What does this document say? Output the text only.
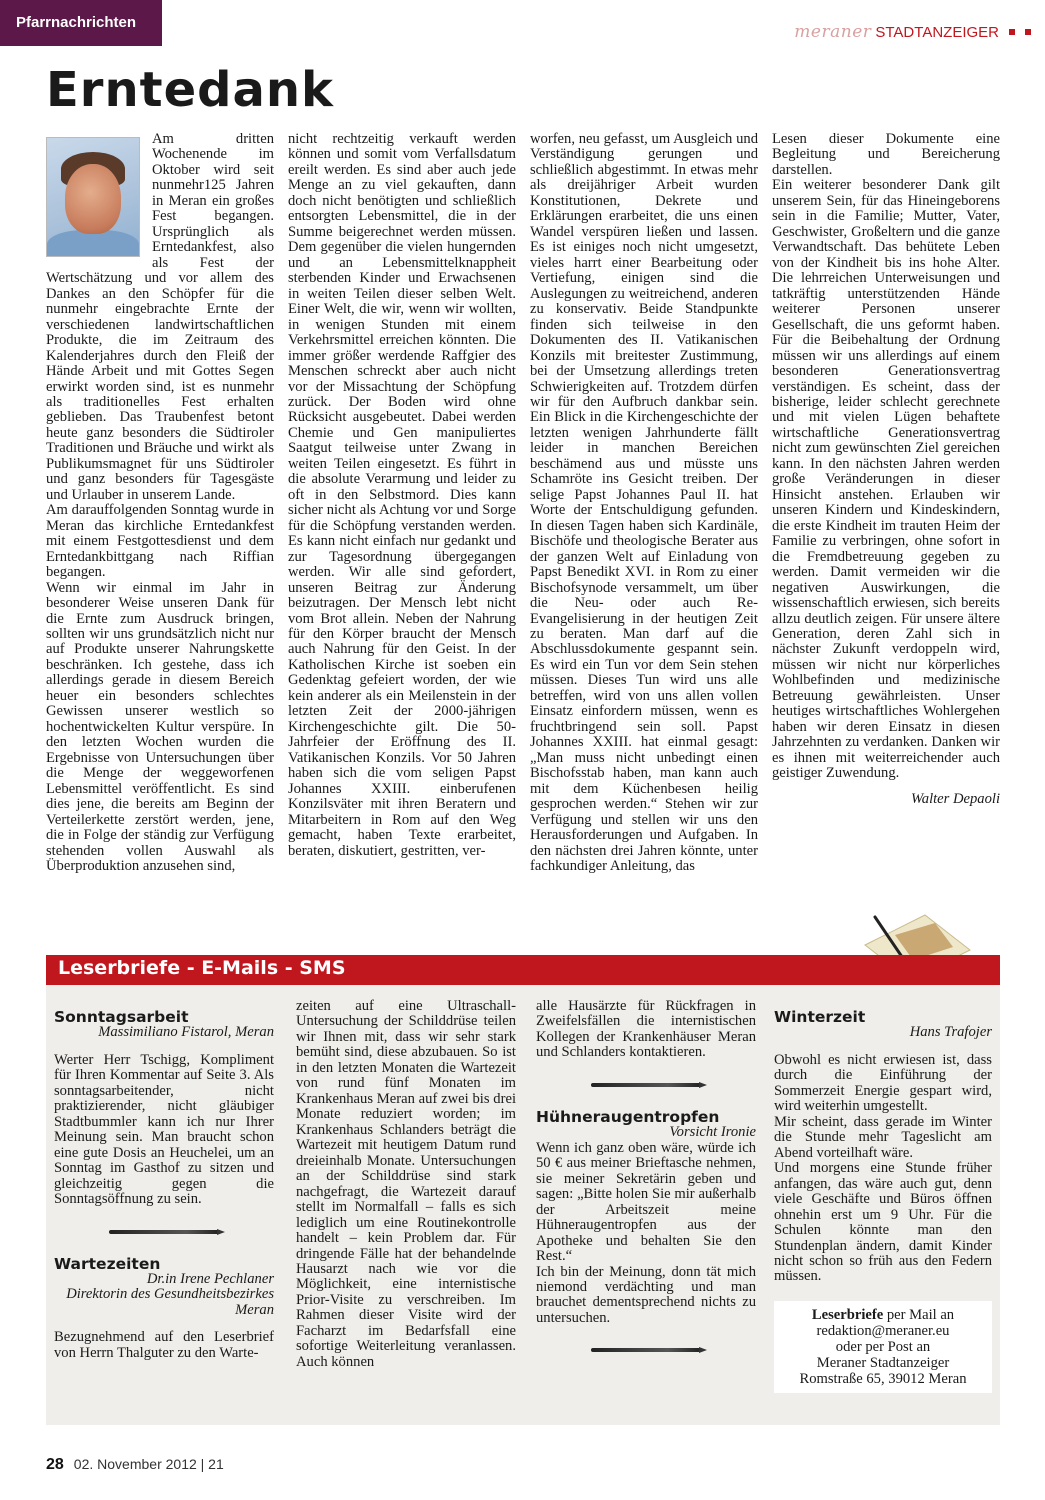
Pfarrnachrichten	meraner STADTANZEIGER
Erntedank

Am dritten Wochenende im Oktober wird seit nunmehr125 Jahren in Meran ein großes Fest begangen. Ursprünglich als Erntedankfest, also als Fest der Wertschätzung und vor allem des Dankes an den Schöpfer für die nunmehr eingebrachte Ernte der verschiedenen landwirtschaftlichen Produkte, die im Zeitraum des Kalenderjahres durch den Fleiß der Hände Arbeit und mit Gottes Segen erwirkt worden sind, ist es nunmehr als traditionelles Fest erhalten geblieben. Das Traubenfest betont heute ganz besonders die Südtiroler Traditionen und Bräuche und wirkt als Publikumsmagnet für uns Südtiroler und ganz besonders für Tagesgäste und Urlauber in unserem Lande.

Am darauffolgenden Sonntag wurde in Meran das kirchliche Erntedankfest mit einem Festgottesdienst und dem Erntedankbittgang nach Riffian begangen.

Wenn wir einmal im Jahr in besonderer Weise unseren Dank für die Ernte zum Ausdruck bringen, sollten wir uns grundsätzlich nicht nur auf Produkte unserer Nahrungskette beschränken. Ich gestehe, dass ich allerdings gerade in diesem Bereich heuer ein besonders schlechtes Gewissen unserer westlich so hochentwickelten Kultur verspüre. In den letzten Wochen wurden die Ergebnisse von Untersuchungen über die Menge der weggeworfenen Lebensmittel veröffentlicht. Es sind dies jene, die bereits am Beginn der Verteilerkette zerstört werden, jene, die in Folge der ständig zur Verfügung stehenden vollen Auswahl als Überproduktion anzusehen sind,

nicht rechtzeitig verkauft werden können und somit vom Verfallsdatum ereilt werden. Es sind aber auch jede Menge an zu viel gekauften, dann doch nicht benötigten und schließlich entsorgten Lebensmittel, die in der Summe beigerechnet werden müssen. Dem gegenüber die vielen hungernden und an Lebensmittelknappheit sterbenden Kinder und Erwachsenen in weiten Teilen dieser selben Welt. Einer Welt, die wir, wenn wir wollten, in wenigen Stunden mit einem Verkehrsmittel erreichen könnten. Die immer größer werdende Raffgier des Menschen schreckt aber auch nicht vor der Missachtung der Schöpfung zurück. Der Boden wird ohne Rücksicht ausgebeutet. Dabei werden Chemie und Gen manipuliertes Saatgut teilweise unter Zwang in weiten Teilen eingesetzt. Es führt in die absolute Verarmung und leider zu oft in den Selbstmord. Dies kann sicher nicht als Achtung vor und Sorge für die Schöpfung verstanden werden. Es kann nicht einfach nur gedankt und zur Tagesordnung übergegangen werden. Wir alle sind gefordert, unseren Beitrag zur Änderung beizutragen. Der Mensch lebt nicht vom Brot allein. Neben der Nahrung für den Körper braucht der Mensch auch Nahrung für den Geist. In der Katholischen Kirche ist soeben ein Gedenktag gefeiert worden, der wie kein anderer als ein Meilenstein in der letzten Zeit der 2000-jährigen Kirchengeschichte gilt. Die 50-Jahrfeier der Eröffnung des II. Vatikanischen Konzils. Vor 50 Jahren haben sich die vom seligen Papst Johannes XXIII. einberufenen Konzilsväter mit ihren Beratern und Mitarbeitern in Rom auf den Weg gemacht, haben Texte erarbeitet, beraten, diskutiert, gestritten, ver-

worfen, neu gefasst, um Ausgleich und Verständigung gerungen und schließlich abgestimmt. In etwas mehr als dreijähriger Arbeit wurden Konstitutionen, Dekrete und Erklärungen erarbeitet, die uns einen Wandel verspüren ließen und lassen. Es ist einiges noch nicht umgesetzt, vieles harrt einer Bearbeitung oder Vertiefung, einigen sind die Auslegungen zu weitreichend, anderen zu konservativ. Beide Standpunkte finden sich teilweise in den Dokumenten des II. Vatikanischen Konzils mit breitester Zustimmung, bei der Umsetzung allerdings treten Schwierigkeiten auf. Trotzdem dürfen wir für den Aufbruch dankbar sein. Ein Blick in die Kirchengeschichte der letzten wenigen Jahrhunderte fällt leider in manchen Bereichen beschämend aus und müsste uns Schamröte ins Gesicht treiben. Der selige Papst Johannes Paul II. hat Worte der Entschuldigung gefunden. In diesen Tagen haben sich Kardinäle, Bischöfe und theologische Berater aus der ganzen Welt auf Einladung von Papst Benedikt XVI. in Rom zu einer Bischofsynode versammelt, um über die Neu- oder auch Re-Evangelisierung in der heutigen Zeit zu beraten. Man darf auf die Abschlussdokumente gespannt sein. Es wird ein Tun vor dem Sein stehen müssen. Dieses Tun wird uns alle betreffen, wird von uns allen vollen Einsatz einfordern müssen, wenn es fruchtbringend sein soll. Papst Johannes XXIII. hat einmal gesagt: „Man muss nicht unbedingt einen Bischofsstab haben, man kann auch mit dem Küchenbesen heilig gesprochen werden.“ Stehen wir zur Verfügung und stellen wir uns den Herausforderungen und Aufgaben. In den nächsten drei Jahren könnte, unter fachkundiger Anleitung, das

Lesen dieser Dokumente eine Begleitung und Bereicherung darstellen.

Ein weiterer besonderer Dank gilt unserem Sein, für das Hineingeborens sein in die Familie; Mutter, Vater, Geschwister, Großeltern und die ganze Verwandtschaft. Das behütete Leben von der Kindheit bis ins hohe Alter. Die lehrreichen Unterweisungen und tatkräftig unterstützenden Hände weiterer Personen unserer Gesellschaft, die uns geformt haben. Für die Beibehaltung der Ordnung müssen wir uns allerdings auf einem besonderen Generationsvertrag verständigen. Es scheint, dass der bisherige, leider schlecht gerechnete und mit vielen Lügen behaftete wirtschaftliche Generationsvertrag nicht zum gewünschten Ziel gereichen kann. In den nächsten Jahren werden große Veränderungen in dieser Hinsicht anstehen. Erlauben wir unseren Kindern und Kindeskindern, die erste Kindheit im trauten Heim der Familie zu verbringen, ohne sofort in die Fremdbetreuung gegeben zu werden. Damit vermeiden wir die negativen Auswirkungen, die wissenschaftlich erwiesen, sich bereits allzu deutlich zeigen. Für unsere ältere Generation, deren Zahl sich in nächster Zukunft verdoppeln wird, müssen wir nicht nur körperliches Wohlbefinden und medizinische Betreuung gewährleisten. Unser heutiges wirtschaftliches Wohlergehen haben wir deren Einsatz in diesen Jahrzehnten zu verdanken. Danken wir es ihnen mit weiterreichender auch geistiger Zuwendung.

Walter Depaoli

Leserbriefe - E-Mails - SMS

Sonntagsarbeit

Massimiliano Fistarol, Meran

Werter Herr Tschigg, Kompliment für Ihren Kommentar auf Seite 3. Als sonntagsarbeitender, nicht praktizierender, nicht gläubiger Stadtbummler kann ich nur Ihrer Meinung sein. Man braucht schon eine gute Dosis an Heuchelei, um an Sonntag im Gasthof zu sitzen und gleichzeitig gegen die Sonntagsöffnung zu sein.

Wartezeiten

Dr.in Irene Pechlaner

Direktorin des Gesundheitsbezirkes

Meran

Bezugnehmend auf den Leserbrief von Herrn Thalguter zu den Warte-

zeiten auf eine Ultraschall-Untersuchung der Schilddrüse teilen wir Ihnen mit, dass wir sehr stark bemüht sind, diese abzubauen. So ist in den letzten Monaten die Wartezeit von rund fünf Monaten im Krankenhaus Meran auf zwei bis drei Monate reduziert worden; im Krankenhaus Schlanders beträgt die Wartezeit mit heutigem Datum rund dreieinhalb Monate. Untersuchungen an der Schilddrüse sind stark nachgefragt, die Wartezeit darauf stellt im Normalfall – falls es sich lediglich um eine Routinekontrolle handelt – kein Problem dar. Für dringende Fälle hat der behandelnde Hausarzt nach wie vor die Möglichkeit, eine internistische Prior-Visite zu verschreiben. Im Rahmen dieser Visite wird der Facharzt im Bedarfsfall eine sofortige Weiterleitung veranlassen. Auch können

alle Hausärzte für Rückfragen in Zweifelsfällen die internistischen Kollegen der Krankenhäuser Meran und Schlanders kontaktieren.

Hühneraugentropfen

Vorsicht Ironie

Wenn ich ganz oben wäre, würde ich 50 € aus meiner Brieftasche nehmen, sie meiner Sekretärin geben und sagen: „Bitte holen Sie mir außerhalb der Arbeitszeit meine Hühneraugentropfen aus der Apotheke und behalten Sie den Rest.“

Ich bin der Meinung, donn tät mich niemond verdächting und man brauchet dementsprechend nichts zu untersuchen.

Winterzeit

Hans Trafojer

Obwohl es nicht erwiesen ist, dass durch die Einführung der Sommerzeit Energie gespart wird, wird weiterhin umgestellt.

Mir scheint, dass gerade im Winter die Stunde mehr Tageslicht am Abend vorteilhaft wäre.

Und morgens eine Stunde früher anfangen, das wäre auch gut, denn viele Geschäfte und Büros öffnen ohnehin erst um 9 Uhr. Für die Schulen könnte man den Stundenplan ändern, damit Kinder nicht schon so früh aus den Federn müssen.

Leserbriefe per Mail an
redaktion@meraner.eu
oder per Post an
Meraner Stadtanzeiger
Romstraße 65, 39012 Meran
28 02. November 2012 | 21
